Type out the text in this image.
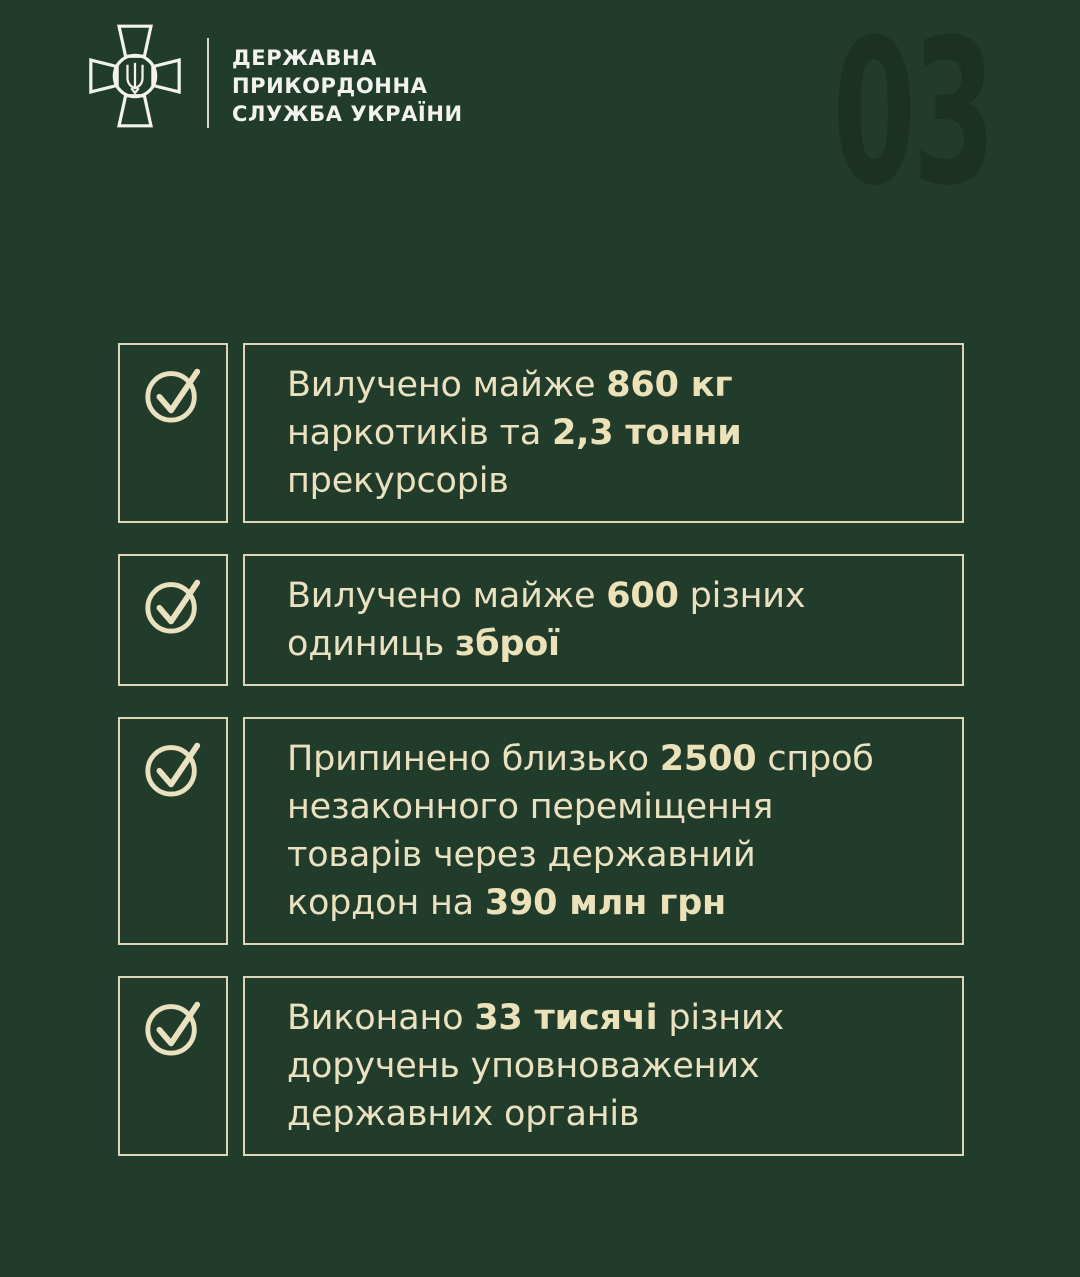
03
ДЕРЖАВНА
ПРИКОРДОННА
СЛУЖБА УКРАЇНИ

Вилучено майже 860 кг
наркотиків та 2,3 тонни
прекурсорів

Вилучено майже 600 різних
одиниць зброї

Припинено близько 2500 спроб
незаконного переміщення
товарів через державний
кордон на 390 млн грн

Виконано 33 тисячі різних
доручень уповноважених
державних органів
